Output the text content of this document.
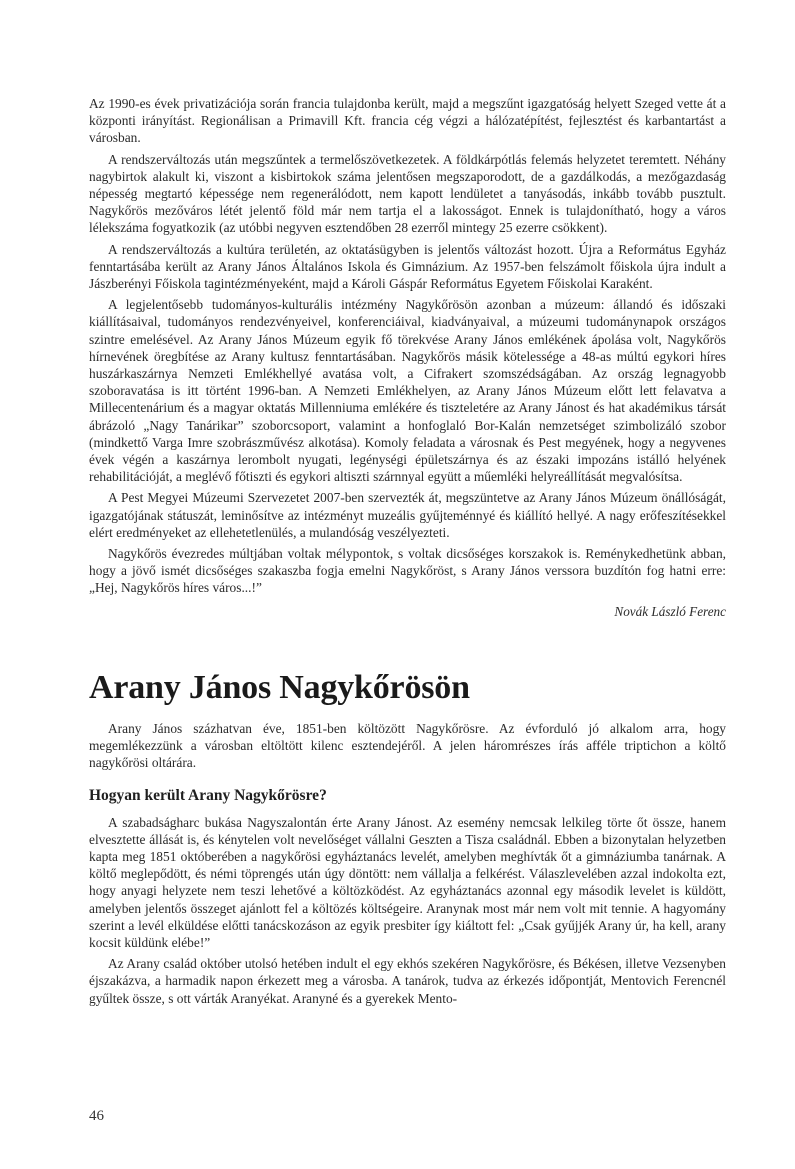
Az 1990-es évek privatizációja során francia tulajdonba került, majd a megszűnt igazgatóság helyett Szeged vette át a központi irányítást. Regionálisan a Primavill Kft. francia cég végzi a hálózatépítést, fejlesztést és karbantartást a városban.

A rendszerváltozás után megszűntek a termelőszövetkezetek. A földkárpótlás felemás helyzetet teremtett. Néhány nagybirtok alakult ki, viszont a kisbirtokok száma jelentősen megszaporodott, de a gazdálkodás, a mezőgazdaság népesség megtartó képessége nem regenerálódott, nem kapott lendületet a tanyásodás, inkább tovább pusztult. Nagykőrös mezőváros létét jelentő föld már nem tartja el a lakosságot. Ennek is tulajdonítható, hogy a város lélekszáma fogyatkozik (az utóbbi negyven esztendőben 28 ezerről mintegy 25 ezerre csökkent).

A rendszerváltozás a kultúra területén, az oktatásügyben is jelentős változást hozott. Újra a Református Egyház fenntartásába került az Arany János Általános Iskola és Gimnázium. Az 1957-ben felszámolt főiskola újra indult a Jászberényi Főiskola tagintézményeként, majd a Károli Gáspár Református Egyetem Főiskolai Karaként.

A legjelentősebb tudományos-kulturális intézmény Nagykőrösön azonban a múzeum: állandó és időszaki kiállításaival, tudományos rendezvényeivel, konferenciáival, kiadványaival, a múzeumi tudománynapok országos szintre emelésével. Az Arany János Múzeum egyik fő törekvése Arany János emlékének ápolása volt, Nagykőrös hírnevének öregbítése az Arany kultusz fenntartásában. Nagykőrös másik kötelessége a 48-as múltú egykori híres huszárkaszárnya Nemzeti Emlékhellyé avatása volt, a Cifrakert szomszédságában. Az ország legnagyobb szoboravatása is itt történt 1996-ban. A Nemzeti Emlékhelyen, az Arany János Múzeum előtt lett felavatva a Millecentenárium és a magyar oktatás Millenniuma emlékére és tiszteletére az Arany Jánost és hat akadémikus társát ábrázoló „Nagy Tanárikar” szoborcsoport, valamint a honfoglaló Bor-Kalán nemzetséget szimbolizáló szobor (mindkettő Varga Imre szobrászművész alkotása). Komoly feladata a városnak és Pest megyének, hogy a negyvenes évek végén a kaszárnya lerombolt nyugati, legénységi épületszárnya és az északi impozáns istálló helyének rehabilitációját, a meglévő főtiszti és egykori altiszti szárnnyal együtt a műemléki helyreállítását megvalósítsa.

A Pest Megyei Múzeumi Szervezetet 2007-ben szervezték át, megszüntetve az Arany János Múzeum önállóságát, igazgatójának státuszát, leminősítve az intézményt muzeális gyűjteménnyé és kiállító hellyé. A nagy erőfeszítésekkel elért eredményeket az ellehetetlenülés, a mulandóság veszélyezteti.

Nagykőrös évezredes múltjában voltak mélypontok, s voltak dicsőséges korszakok is. Reménykedhetünk abban, hogy a jövő ismét dicsőséges szakaszba fogja emelni Nagykőröst, s Arany János verssora buzdítón fog hatni erre: „Hej, Nagykőrös híres város...!”

Novák László Ferenc

Arany János Nagykőrösön

Arany János százhatvan éve, 1851-ben költözött Nagykőrösre. Az évforduló jó alkalom arra, hogy megemlékezzünk a városban eltöltött kilenc esztendejéről. A jelen háromrészes írás afféle triptichon a költő nagykőrösi oltárára.

Hogyan került Arany Nagykőrösre?

A szabadságharc bukása Nagyszalontán érte Arany Jánost. Az esemény nemcsak lelkileg törte őt össze, hanem elvesztette állását is, és kénytelen volt nevelőséget vállalni Geszten a Tisza családnál. Ebben a bizonytalan helyzetben kapta meg 1851 októberében a nagykőrösi egyháztanács levelét, amelyben meghívták őt a gimnáziumba tanárnak. A költő meglepődött, és némi töprengés után úgy döntött: nem vállalja a felkérést. Válaszlevelében azzal indokolta ezt, hogy anyagi helyzete nem teszi lehetővé a költözködést. Az egyháztanács azonnal egy második levelet is küldött, amelyben jelentős összeget ajánlott fel a költözés költségeire. Aranynak most már nem volt mit tennie. A hagyomány szerint a levél elküldése előtti tanácskozáson az egyik presbiter így kiáltott fel: „Csak gyűjjék Arany úr, ha kell, arany kocsit küldünk elébe!”

Az Arany család október utolsó hetében indult el egy ekhós szekéren Nagykőrösre, és Békésen, illetve Vezsenyben éjszakázva, a harmadik napon érkezett meg a városba. A tanárok, tudva az érkezés időpontját, Mentovich Ferencnél gyűltek össze, s ott várták Aranyékat. Aranyné és a gyerekek Mento-

46
